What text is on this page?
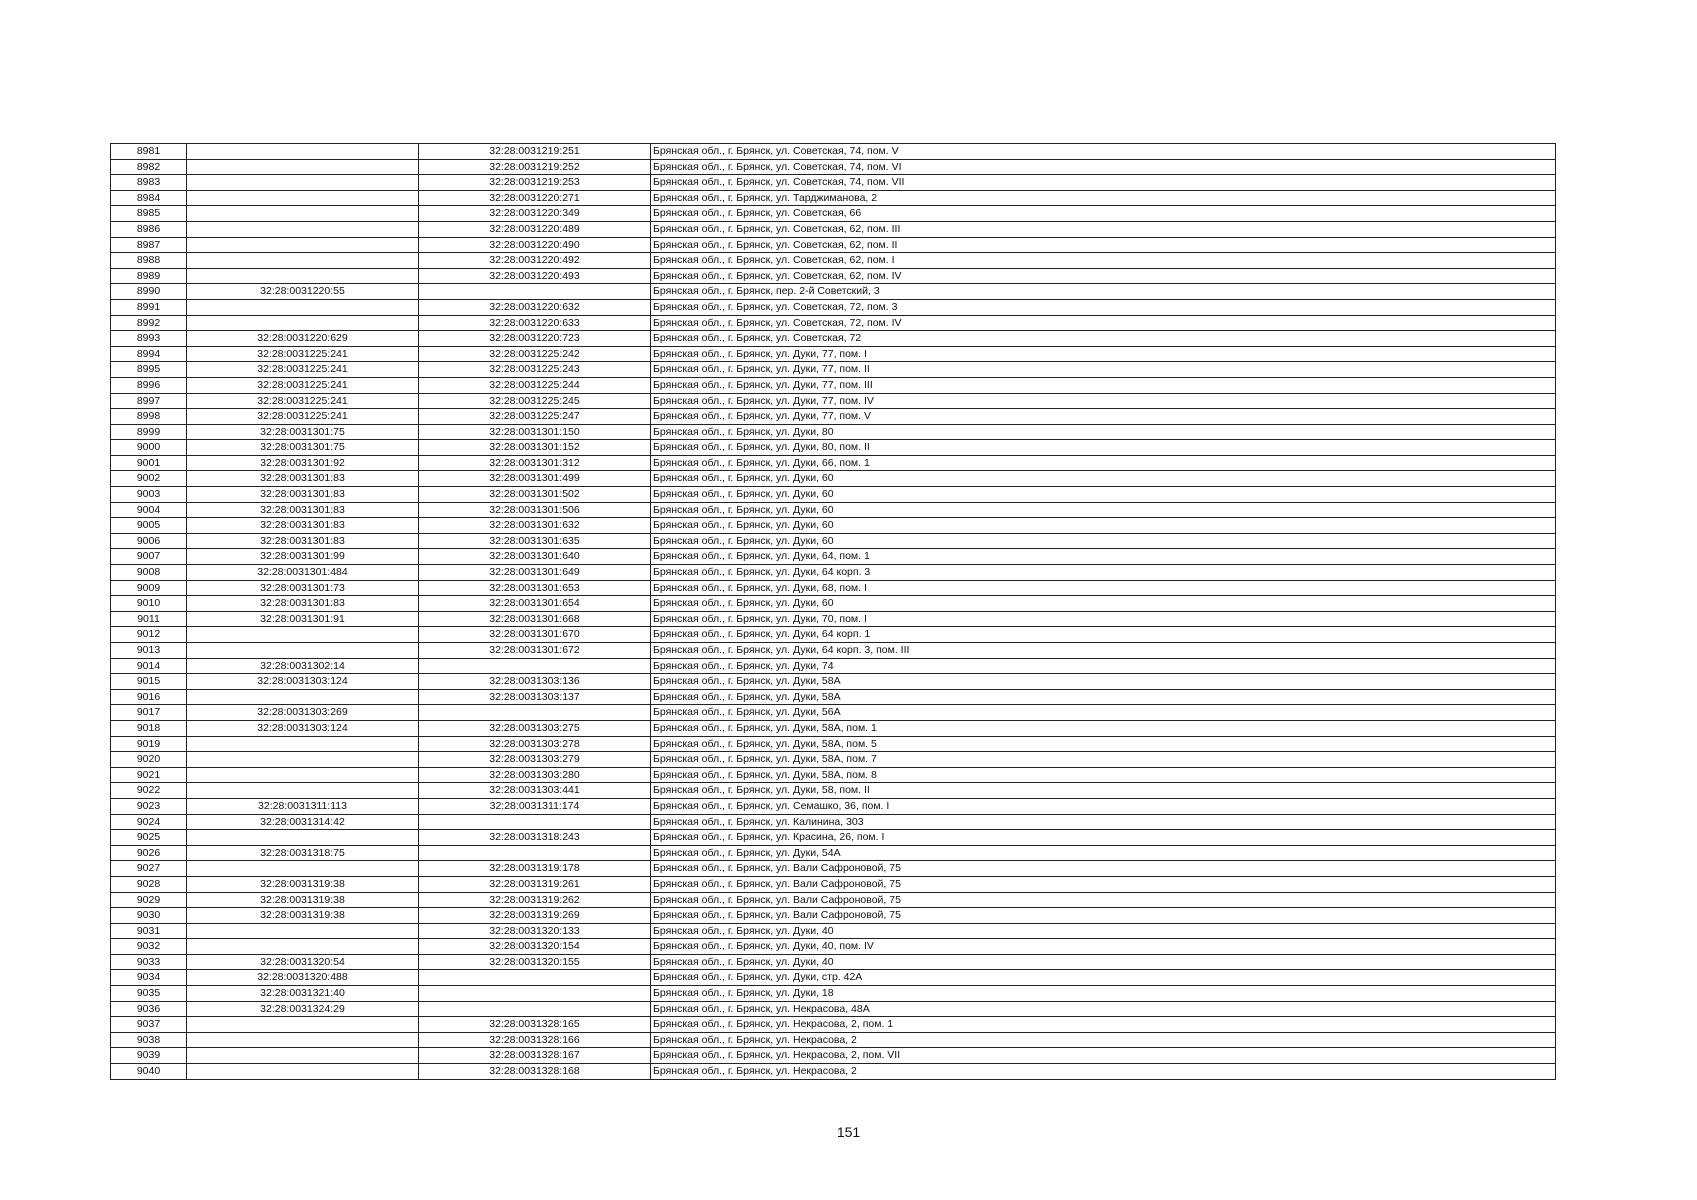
8981		32:28:0031219:251	Брянская обл., г. Брянск, ул. Советская, 74, пом. V
8982		32:28:0031219:252	Брянская обл., г. Брянск, ул. Советская, 74, пом. VI
8983		32:28:0031219:253	Брянская обл., г. Брянск, ул. Советская, 74, пом. VII
8984		32:28:0031220:271	Брянская обл., г. Брянск, ул. Тарджиманова, 2
8985		32:28:0031220:349	Брянская обл., г. Брянск, ул. Советская, 66
8986		32:28:0031220:489	Брянская обл., г. Брянск, ул. Советская, 62, пом. III
8987		32:28:0031220:490	Брянская обл., г. Брянск, ул. Советская, 62, пом. II
8988		32:28:0031220:492	Брянская обл., г. Брянск, ул. Советская, 62, пом. I
8989		32:28:0031220:493	Брянская обл., г. Брянск, ул. Советская, 62, пом. IV
8990	32:28:0031220:55		Брянская обл., г. Брянск, пер. 2-й Советский, 3
8991		32:28:0031220:632	Брянская обл., г. Брянск, ул. Советская, 72, пом. 3
8992		32:28:0031220:633	Брянская обл., г. Брянск, ул. Советская, 72, пом. IV
8993	32:28:0031220:629	32:28:0031220:723	Брянская обл., г. Брянск, ул. Советская, 72
8994	32:28:0031225:241	32:28:0031225:242	Брянская обл., г. Брянск, ул. Дуки, 77, пом. I
8995	32:28:0031225:241	32:28:0031225:243	Брянская обл., г. Брянск, ул. Дуки, 77, пом. II
8996	32:28:0031225:241	32:28:0031225:244	Брянская обл., г. Брянск, ул. Дуки, 77, пом. III
8997	32:28:0031225:241	32:28:0031225:245	Брянская обл., г. Брянск, ул. Дуки, 77, пом. IV
8998	32:28:0031225:241	32:28:0031225:247	Брянская обл., г. Брянск, ул. Дуки, 77, пом. V
8999	32:28:0031301:75	32:28:0031301:150	Брянская обл., г. Брянск, ул. Дуки, 80
9000	32:28:0031301:75	32:28:0031301:152	Брянская обл., г. Брянск, ул. Дуки, 80, пом. II
9001	32:28:0031301:92	32:28:0031301:312	Брянская обл., г. Брянск, ул. Дуки, 66, пом. 1
9002	32:28:0031301:83	32:28:0031301:499	Брянская обл., г. Брянск, ул. Дуки, 60
9003	32:28:0031301:83	32:28:0031301:502	Брянская обл., г. Брянск, ул. Дуки, 60
9004	32:28:0031301:83	32:28:0031301:506	Брянская обл., г. Брянск, ул. Дуки, 60
9005	32:28:0031301:83	32:28:0031301:632	Брянская обл., г. Брянск, ул. Дуки, 60
9006	32:28:0031301:83	32:28:0031301:635	Брянская обл., г. Брянск, ул. Дуки, 60
9007	32:28:0031301:99	32:28:0031301:640	Брянская обл., г. Брянск, ул. Дуки, 64, пом. 1
9008	32:28:0031301:484	32:28:0031301:649	Брянская обл., г. Брянск, ул. Дуки, 64 корп. 3
9009	32:28:0031301:73	32:28:0031301:653	Брянская обл., г. Брянск, ул. Дуки, 68, пом. I
9010	32:28:0031301:83	32:28:0031301:654	Брянская обл., г. Брянск, ул. Дуки, 60
9011	32:28:0031301:91	32:28:0031301:668	Брянская обл., г. Брянск, ул. Дуки, 70, пом. I
9012		32:28:0031301:670	Брянская обл., г. Брянск, ул. Дуки, 64 корп. 1
9013		32:28:0031301:672	Брянская обл., г. Брянск, ул. Дуки, 64 корп. 3, пом. III
9014	32:28:0031302:14		Брянская обл., г. Брянск, ул. Дуки, 74
9015	32:28:0031303:124	32:28:0031303:136	Брянская обл., г. Брянск, ул. Дуки, 58А
9016		32:28:0031303:137	Брянская обл., г. Брянск, ул. Дуки, 58А
9017	32:28:0031303:269		Брянская обл., г. Брянск, ул. Дуки, 56А
9018	32:28:0031303:124	32:28:0031303:275	Брянская обл., г. Брянск, ул. Дуки, 58А, пом. 1
9019		32:28:0031303:278	Брянская обл., г. Брянск, ул. Дуки, 58А, пом. 5
9020		32:28:0031303:279	Брянская обл., г. Брянск, ул. Дуки, 58А, пом. 7
9021		32:28:0031303:280	Брянская обл., г. Брянск, ул. Дуки, 58А, пом. 8
9022		32:28:0031303:441	Брянская обл., г. Брянск, ул. Дуки, 58, пом. II
9023	32:28:0031311:113	32:28:0031311:174	Брянская обл., г. Брянск, ул. Семашко, 36, пом. I
9024	32:28:0031314:42		Брянская обл., г. Брянск, ул. Калинина, 303
9025		32:28:0031318:243	Брянская обл., г. Брянск, ул. Красина, 26, пом. I
9026	32:28:0031318:75		Брянская обл., г. Брянск, ул. Дуки, 54А
9027		32:28:0031319:178	Брянская обл., г. Брянск, ул. Вали Сафроновой, 75
9028	32:28:0031319:38	32:28:0031319:261	Брянская обл., г. Брянск, ул. Вали Сафроновой, 75
9029	32:28:0031319:38	32:28:0031319:262	Брянская обл., г. Брянск, ул. Вали Сафроновой, 75
9030	32:28:0031319:38	32:28:0031319:269	Брянская обл., г. Брянск, ул. Вали Сафроновой, 75
9031		32:28:0031320:133	Брянская обл., г. Брянск, ул. Дуки, 40
9032		32:28:0031320:154	Брянская обл., г. Брянск, ул. Дуки, 40, пом. IV
9033	32:28:0031320:54	32:28:0031320:155	Брянская обл., г. Брянск, ул. Дуки, 40
9034	32:28:0031320:488		Брянская обл., г. Брянск, ул. Дуки, стр. 42А
9035	32:28:0031321:40		Брянская обл., г. Брянск, ул. Дуки, 18
9036	32:28:0031324:29		Брянская обл., г. Брянск, ул. Некрасова, 48А
9037		32:28:0031328:165	Брянская обл., г. Брянск, ул. Некрасова, 2, пом. 1
9038		32:28:0031328:166	Брянская обл., г. Брянск, ул. Некрасова, 2
9039		32:28:0031328:167	Брянская обл., г. Брянск, ул. Некрасова, 2, пом. VII
9040		32:28:0031328:168	Брянская обл., г. Брянск, ул. Некрасова, 2
151
